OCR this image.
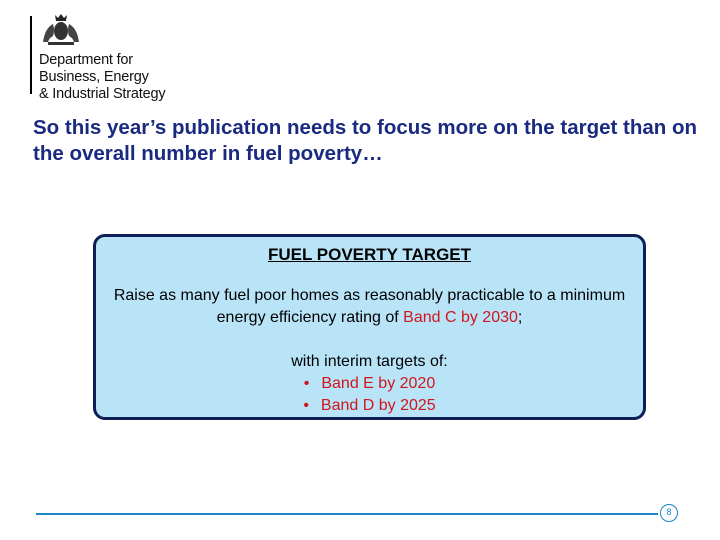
Department for
Business, Energy
& Industrial Strategy
So this year’s publication needs to focus more on the target than on the overall number in fuel poverty…
FUEL POVERTY TARGET
Raise as many fuel poor homes as reasonably practicable to a minimum energy efficiency rating of Band C by 2030;
with interim targets of:
• Band E by 2020
• Band D by 2025
8
